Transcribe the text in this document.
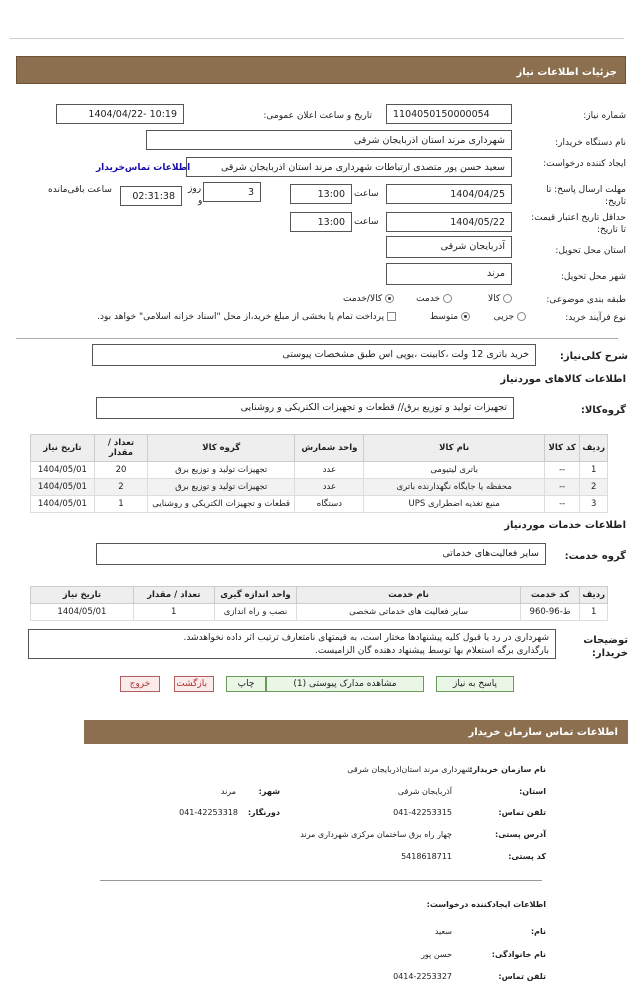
جزئیات اطلاعات نیاز
شماره نیاز:
1104050150000054
تاریخ و ساعت اعلان عمومی:
1404/04/22- 10:19
نام دستگاه خریدار:
شهرداری مرند استان اذربایجان شرقی
ایجاد کننده درخواست:
سعید حسن پور متصدی ارتباطات شهرداری مرند استان اذربایجان شرقی
اطلاعات تماس‌خریدار
مهلت ارسال پاسخ: تا تاریخ:
1404/04/25
ساعت
13:00
3
روز
و
02:31:38
ساعت باقی‌مانده
حداقل تاریخ اعتبار قیمت: تا تاریخ:
1404/05/22
ساعت
13:00
استان محل تحویل:
آذربایجان شرقی
شهر محل تحویل:
مرند
طبقه بندی موضوعی:
کالا
خدمت
کالا/خدمت
نوع فرآیند خرید:
جزیی
متوسط
پرداخت تمام یا بخشی از مبلغ خرید،از محل "اسناد خزانه اسلامی" خواهد بود.
شرح کلی‌نیاز:
خرید باتری 12 ولت ،کابینت ،یوپی اس طبق مشخصات پیوستی
اطلاعات کالاهای موردنیاز
گروه‌کالا:
تجهیزات تولید و توزیع برق// قطعات و تجهیزات الکتریکی و روشنایی
ردیف	کد کالا	نام کالا	واحد شمارش	گروه کالا	تعداد / مقدار	تاریخ نیاز
1	--	باتری لیتیومی	عدد	تجهیزات تولید و توزیع برق	20	1404/05/01
2	--	محفظه یا جایگاه نگهدارنده باتری	عدد	تجهیزات تولید و توزیع برق	2	1404/05/01
3	--	منبع تغذیه اضطراری UPS	دستگاه	قطعات و تجهیزات الکتریکی و روشنایی	1	1404/05/01
اطلاعات خدمات موردنیاز
گروه خدمت:
سایر فعالیت‌های خدماتی
ردیف	کد خدمت	نام خدمت	واحد اندازه گیری	تعداد / مقدار	تاریخ نیاز
1	ط-96-960	سایر فعالیت های خدماتی شخصی	نصب و راه اندازی	1	1404/05/01
توضیحات خریدار:
شهرداری در رد یا قبول کلیه پیشنهادها مختار است، به قیمتهای نامتعارف ترتیب اثر داده نخواهدشد.
بارگذاری برگه استعلام بها توسط پیشنهاد دهنده گان الزامیست.
پاسخ به نیاز
مشاهده مدارک پیوستی (1)
چاپ
بازگشت
خروج
اطلاعات تماس سازمان خریدار
نام سازمان خریدار:
شهرداری مرند استان‌اذربایجان شرقی
استان:
آذربایجان شرقی
شهر:
مرند
تلفن تماس:
041-42253315
دورنگار:
041-42253318
آدرس پستی:
چهار راه برق ساختمان مرکزی شهرداری مرند
کد پستی:
5418618711
اطلاعات ایجادکننده درخواست:
نام:
سعید
نام خانوادگی:
حسن پور
تلفن تماس:
0414-2253327
